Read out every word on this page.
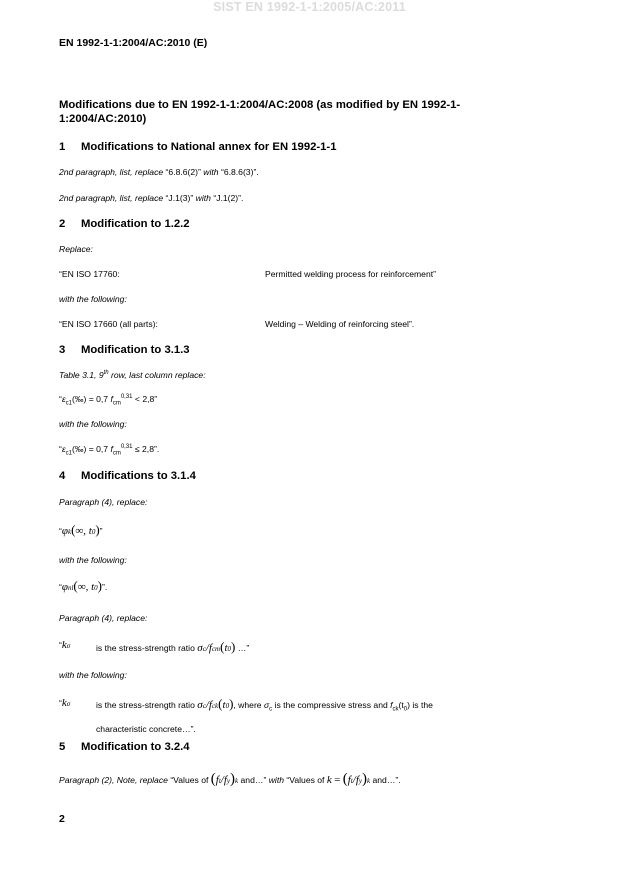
SIST EN 1992-1-1:2005/AC:2011
EN 1992-1-1:2004/AC:2010 (E)
Modifications due to EN 1992-1-1:2004/AC:2008 (as modified by EN 1992-1-1:2004/AC:2010)
1 Modifications to National annex for EN 1992-1-1
2nd paragraph, list, replace “6.8.6(2)” with “6.8.6(3)”.
2nd paragraph, list, replace “J.1(3)” with “J.1(2)”.
2 Modification to 1.2.2
Replace:
“EN ISO 17760:	Permitted welding process for reinforcement”
with the following:
“EN ISO 17660 (all parts):	Welding – Welding of reinforcing steel”.
3 Modification to 3.1.3
Table 3.1, 9th row, last column replace:
“$\varepsilon_{c1}(‰) = 0,7$ $f_{cm}^{0,31} < 2,8$”
with the following:
“$\varepsilon_{c1}(‰) = 0,7$ $f_{cm}^{0,31} \le 2,8$”.
4 Modifications to 3.1.4
Paragraph (4), replace:
“φk(∞, t0)”
with the following:
“φnl(∞, t0)”.
Paragraph (4), replace:
“kσ	is the stress-strength ratio σc/fcm(t0) …”
with the following:
“kσ	is the stress-strength ratio σc/fck(t0), where $\sigma_c$ is the compressive stress and $f_{ck}(t_0)$ is the
characteristic concrete…”.
5 Modification to 3.2.4
Paragraph (2), Note, replace “Values of (ft/fy)k and…” with “Values of k = (ft/fy)k and…”.
2
